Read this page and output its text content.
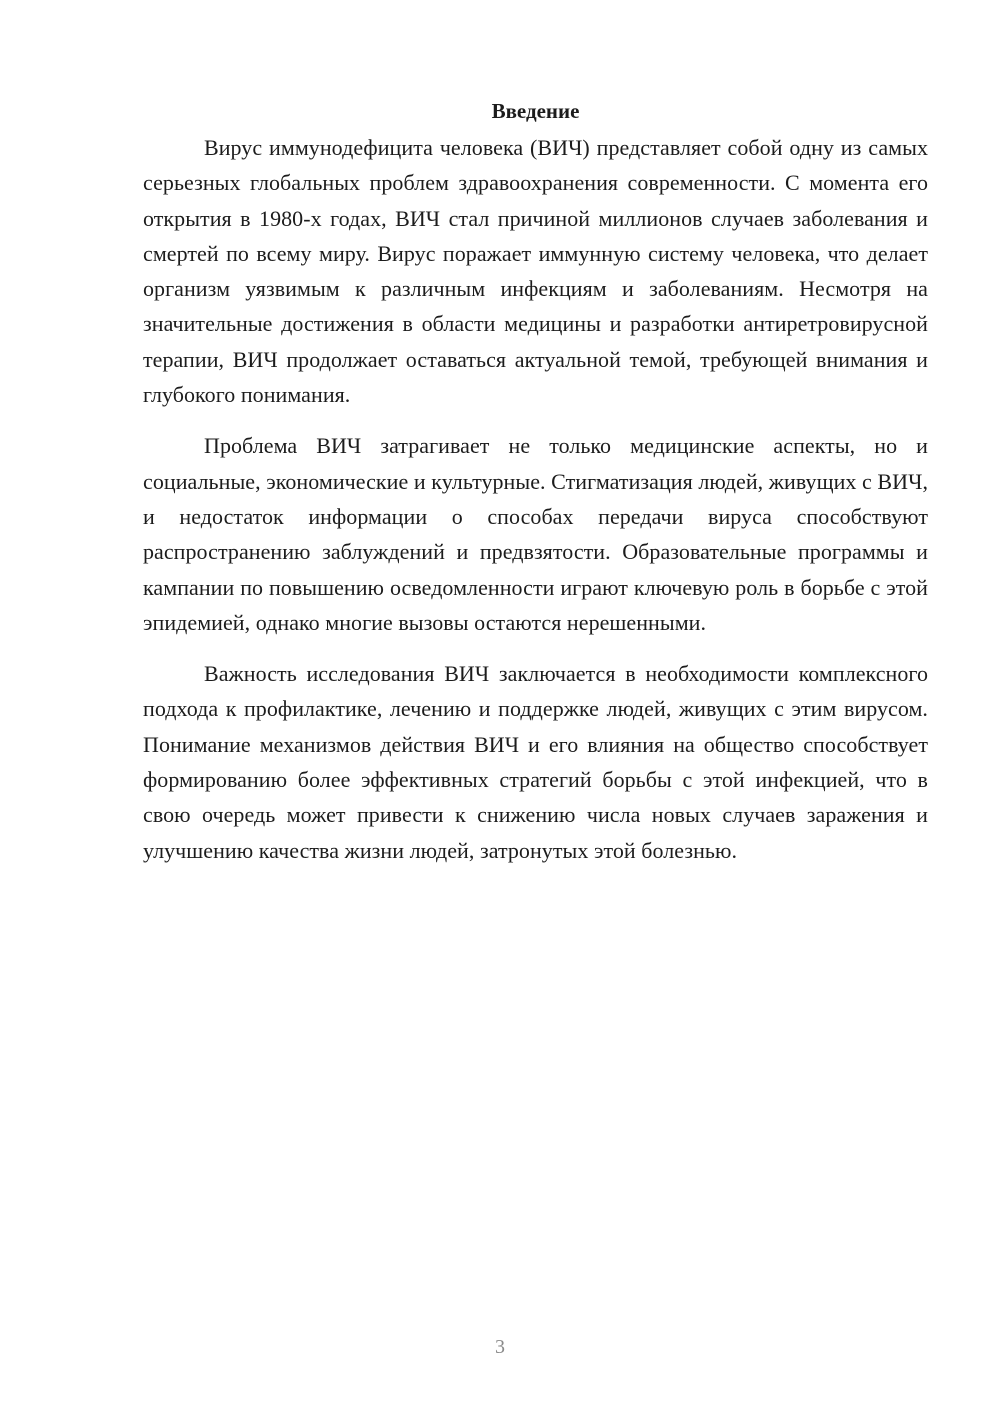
Введение

Вирус иммунодефицита человека (ВИЧ) представляет собой одну из самых серьезных глобальных проблем здравоохранения современности. С момента его открытия в 1980-х годах, ВИЧ стал причиной миллионов случаев заболевания и смертей по всему миру. Вирус поражает иммунную систему человека, что делает организм уязвимым к различным инфекциям и заболеваниям. Несмотря на значительные достижения в области медицины и разработки антиретровирусной терапии, ВИЧ продолжает оставаться актуальной темой, требующей внимания и глубокого понимания.

Проблема ВИЧ затрагивает не только медицинские аспекты, но и социальные, экономические и культурные. Стигматизация людей, живущих с ВИЧ, и недостаток информации о способах передачи вируса способствуют распространению заблуждений и предвзятости. Образовательные программы и кампании по повышению осведомленности играют ключевую роль в борьбе с этой эпидемией, однако многие вызовы остаются нерешенными.

Важность исследования ВИЧ заключается в необходимости комплексного подхода к профилактике, лечению и поддержке людей, живущих с этим вирусом. Понимание механизмов действия ВИЧ и его влияния на общество способствует формированию более эффективных стратегий борьбы с этой инфекцией, что в свою очередь может привести к снижению числа новых случаев заражения и улучшению качества жизни людей, затронутых этой болезнью.

3
